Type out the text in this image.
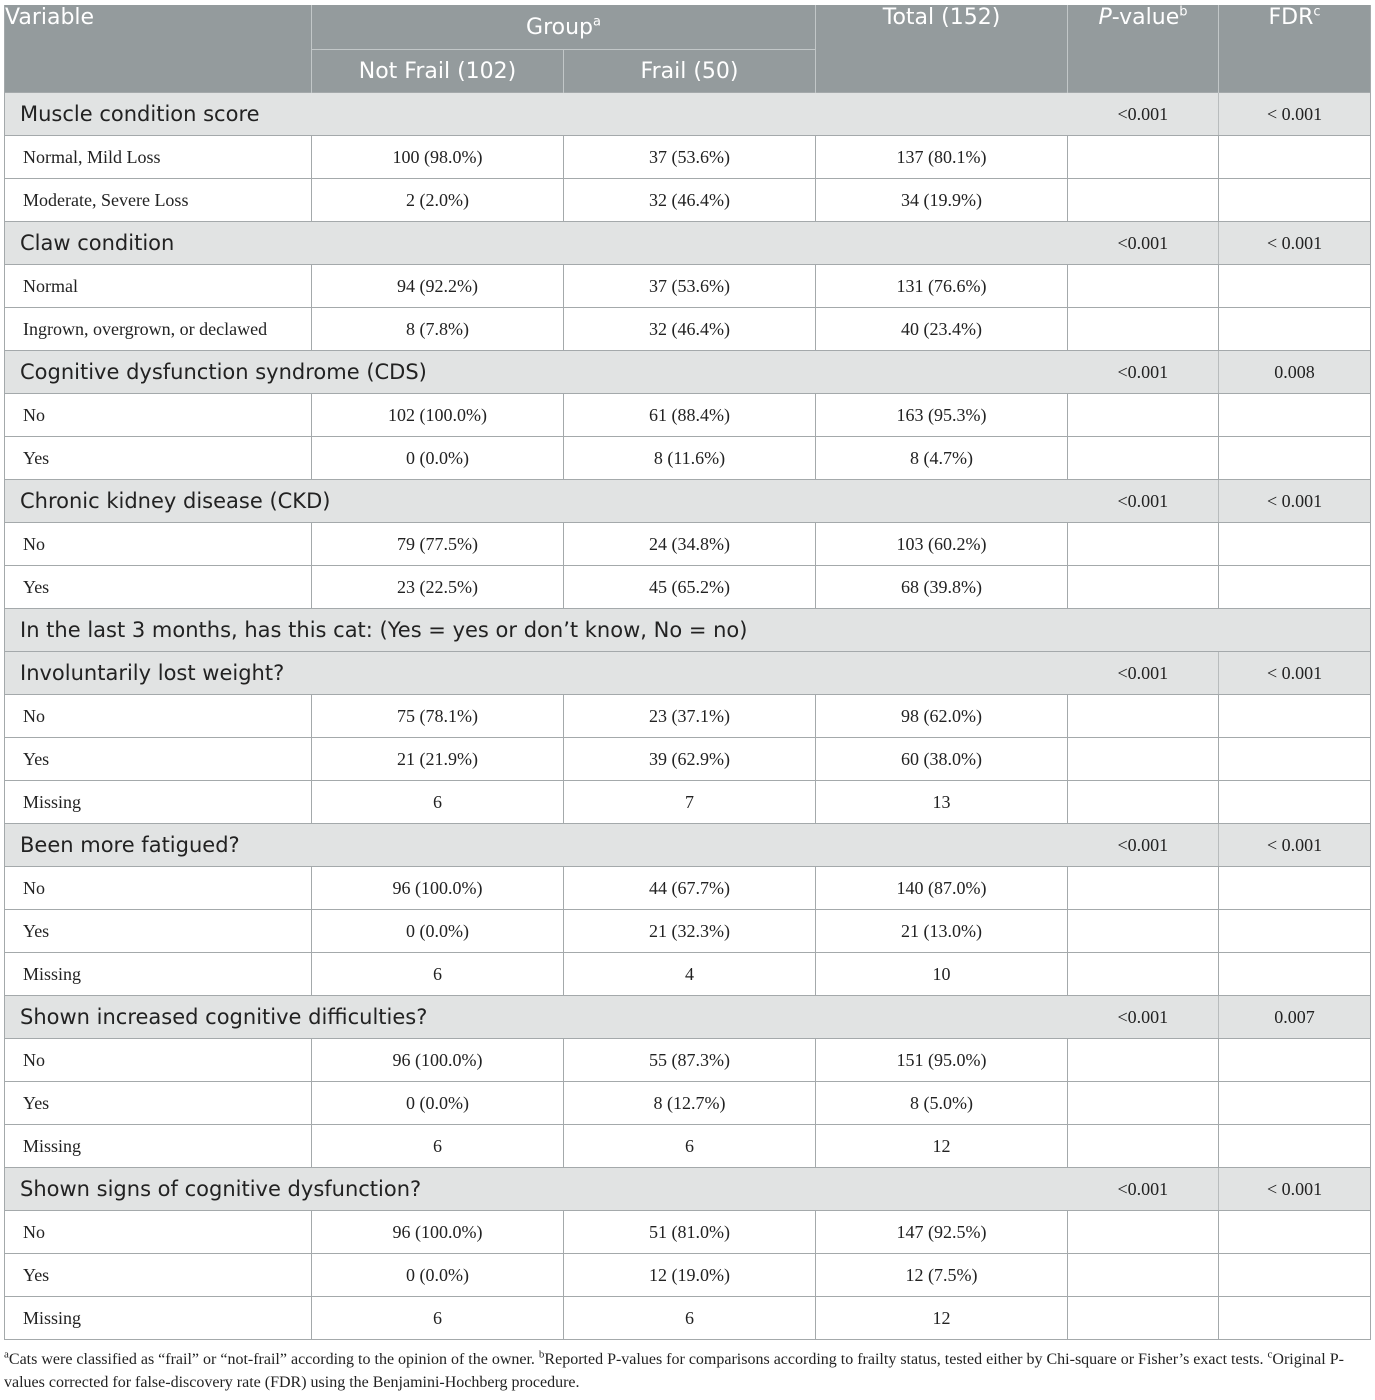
Variable	Group$^a$		Total (152)	P-value$^b$	FDR$^c$
	Not Frail (102)	Frail (50)			
Muscle condition score				<0.001	< 0.001
Normal, Mild Loss	100 (98.0%)	37 (53.6%)	137 (80.1%)		
Moderate, Severe Loss	2 (2.0%)	32 (46.4%)	34 (19.9%)		
Claw condition				<0.001	< 0.001
Normal	94 (92.2%)	37 (53.6%)	131 (76.6%)		
Ingrown, overgrown, or declawed	8 (7.8%)	32 (46.4%)	40 (23.4%)		
Cognitive dysfunction syndrome (CDS)				<0.001	0.008
No	102 (100.0%)	61 (88.4%)	163 (95.3%)		
Yes	0 (0.0%)	8 (11.6%)	8 (4.7%)		
Chronic kidney disease (CKD)				<0.001	< 0.001
No	79 (77.5%)	24 (34.8%)	103 (60.2%)		
Yes	23 (22.5%)	45 (65.2%)	68 (39.8%)		
In the last 3 months, has this cat: (Yes = yes or don’t know, No = no)					
Involuntarily lost weight?				<0.001	< 0.001
No	75 (78.1%)	23 (37.1%)	98 (62.0%)		
Yes	21 (21.9%)	39 (62.9%)	60 (38.0%)		
Missing	6	7	13		
Been more fatigued?				<0.001	< 0.001
No	96 (100.0%)	44 (67.7%)	140 (87.0%)		
Yes	0 (0.0%)	21 (32.3%)	21 (13.0%)		
Missing	6	4	10		
Shown increased cognitive difficulties?				<0.001	0.007
No	96 (100.0%)	55 (87.3%)	151 (95.0%)		
Yes	0 (0.0%)	8 (12.7%)	8 (5.0%)		
Missing	6	6	12		
Shown signs of cognitive dysfunction?				<0.001	< 0.001
No	96 (100.0%)	51 (81.0%)	147 (92.5%)		
Yes	0 (0.0%)	12 (19.0%)	12 (7.5%)		
Missing	6	6	12		
$^a$Cats were classified as “frail” or “not-frail” according to the opinion of the owner. $^b$Reported P-values for comparisons according to frailty status, tested either by Chi-square or Fisher’s exact tests. $^c$Original P-values corrected for false-discovery rate (FDR) using the Benjamini-Hochberg procedure.
